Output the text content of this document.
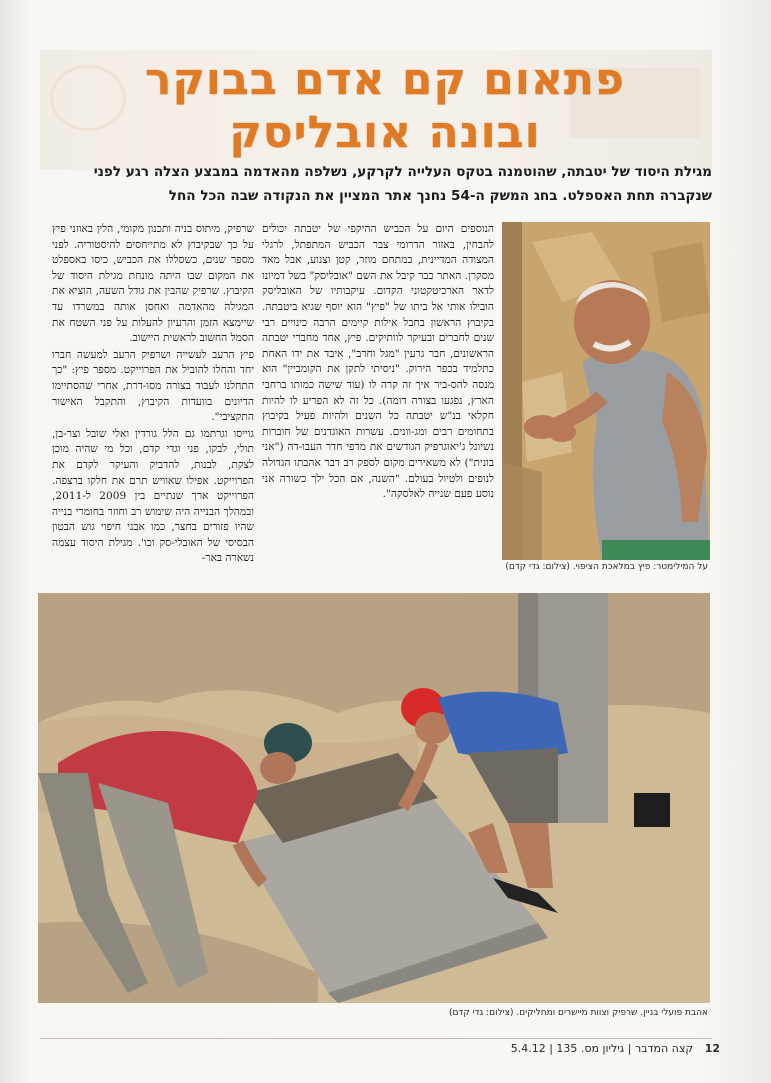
פתאום קם אדם בבוקר
ובונה אובליסק
מגילת היסוד של יטבתה, שהוטמנה בטקס העלייה לקרקע, נשלפה מהאדמה במבצע הצלה רגע לפני
שנקברה תחת האספלט. בחג המשק ה-54 נחנך אתר המציין את הנקודה שבה הכל החל
על המילימטר: פיץ במלאכת הציפוי. (צילום: גדי קדם)

הנוספים היום על הכביש ההיקפי של יטבתה יכולים להבחין, באזור הדרומי צבר הכביש המתפתל, לרגלי המצודה המדיינית, במתחם מוזר, קטן וצנוע, אבל מאד מסקרן. האתר כבר קיבל את השם "אובליסק" בשל דמיונו לדאר הארכיטקטוני הקדום. עיקבותיו של האובליסק הובילו אותי אל ביתו של "פיץ" הוא יוסף שגיא ביטבתה. בקיבוץ הראשון בחבל אילות קיימים הרבה כינויים רבי שנים לחברים ובעיקר לוותיקים. פיץ, אחד מחברי יטבתה הראשונים, חבר גרעין "מגל וחרב", איבד את ידו האחת כתלמיד בכפר הירוק. "ניסיתי לתקן את הקומביין" הוא מנסה להס-ביר איך זה קרה לו (עוד שישה כמותו ברחבי הארץ, נפגעו בצורה דומה). כל זה לא הפריע לו להיות חקלאי בנ"ש יטבתה כל השנים ולהיות פעיל בקיבוץ בתחומים רבים ומג-וונים. עשרות האוגדנים של חוברות נשיונל ג'יאוגרפיק הגודשים את מדפי חדר העבו-דה ("אני בונית") לא משאירים מקום לספק רב דבר אהבתו הגדולה לנופים ולטיול בעולם. "השנה, אם הכל ילך כשורה אני נוסע פעם שנייה לאלסקה".

שרפיק, מיתוס בניה ותכנון מקומי, הלין באוזני פיץ על כך שבקיבוץ לא מתייחסים להיסטוריה. לפני מספר שנים, כשסללו את הכביש, כיסו באספלט את המקום שבו היתה מונחת מגילת היסוד של הקיבוץ. שרפיק שהבין את גודל השעה, הוציא את המגילה מהאדמה ואחסן אותה במשרדו עד שיימצא הזמן והרעיון להעלות על פני השטח את הסמל החשוב לראשית היישוב.

פיץ הרעב לעשייה ושרפיק הרעב למעשה חברו יחד והחלו להוביל את הפרוייקט. מספר פיץ: "כך התחלנו לעבוד בצורה מסו-דרת, אחרי שהסתיימו הדיונים בוועדות הקיבוץ, והתקבל האישור התקציבי".

גוייסו וגרתמו גם הלל גורדין ואלי שובל וצר-בן, תולי, לבקו, פני וגדי קדם, וכל מי שהיה מוכן לצקת, לבנות, להדביק והעיקר לקדם את הפרוייקט. אפילו שאוויש תרם את חלקו ברצפה. הפרוייקט ארך שנתיים בין 2009 ל-2011, ובמהלך הבנייה היה שימוש רב וחוזר בחומרי בנייה שהיו פזורים בחצר, כמו אבני חיפוי גוש הבטון הבסיסי של האובלי-סק וכו'. מגילת היסוד עצמה נשארה באר-

אהבת פועלי בניין. שרפיק וצוות מיישרים ומחליקים. (צילום: גדי קדם)
12 קצה המדבר | גיליון מס. 135 | 5.4.12
